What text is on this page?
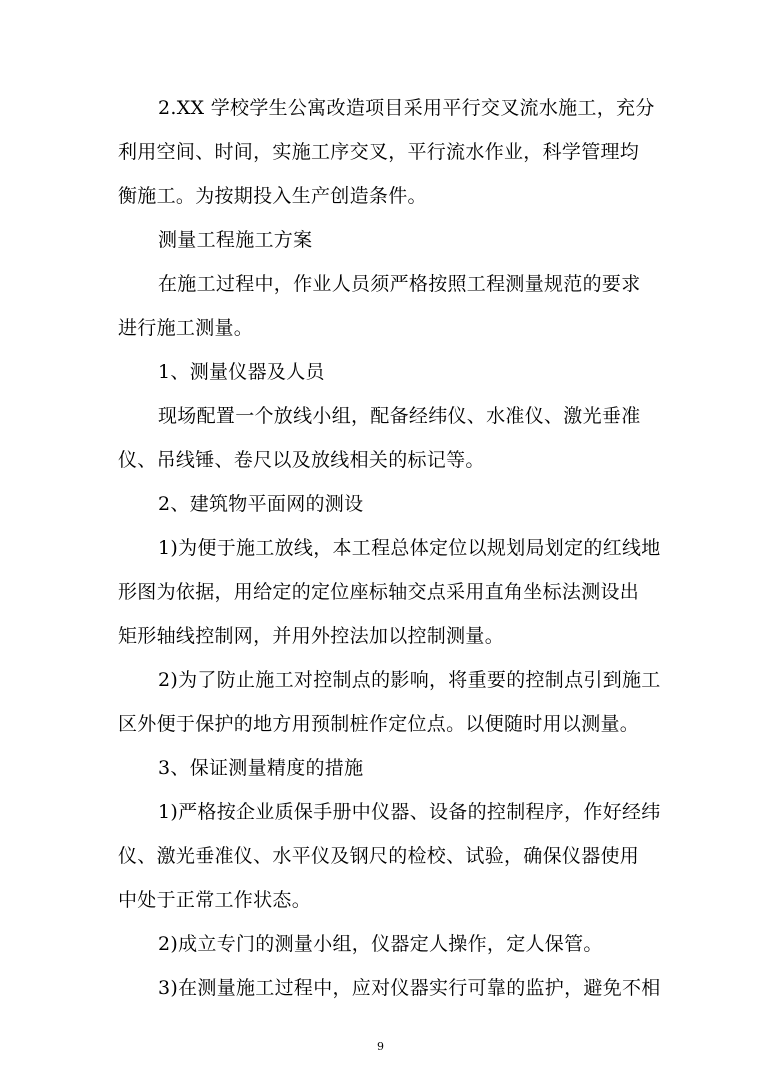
2.XX 学校学生公寓改造项目采用平行交叉流水施工，充分
利用空间、时间，实施工序交叉，平行流水作业，科学管理均
衡施工。为按期投入生产创造条件。
测量工程施工方案
在施工过程中，作业人员须严格按照工程测量规范的要求
进行施工测量。
1、测量仪器及人员
现场配置一个放线小组，配备经纬仪、水准仪、激光垂准
仪、吊线锤、卷尺以及放线相关的标记等。
2、建筑物平面网的测设
1)为便于施工放线，本工程总体定位以规划局划定的红线地
形图为依据，用给定的定位座标轴交点采用直角坐标法测设出
矩形轴线控制网，并用外控法加以控制测量。
2)为了防止施工对控制点的影响，将重要的控制点引到施工
区外便于保护的地方用预制桩作定位点。以便随时用以测量。
3、保证测量精度的措施
1)严格按企业质保手册中仪器、设备的控制程序，作好经纬
仪、激光垂准仪、水平仪及钢尺的检校、试验，确保仪器使用
中处于正常工作状态。
2)成立专门的测量小组，仪器定人操作，定人保管。
3)在测量施工过程中，应对仪器实行可靠的监护，避免不相
9
